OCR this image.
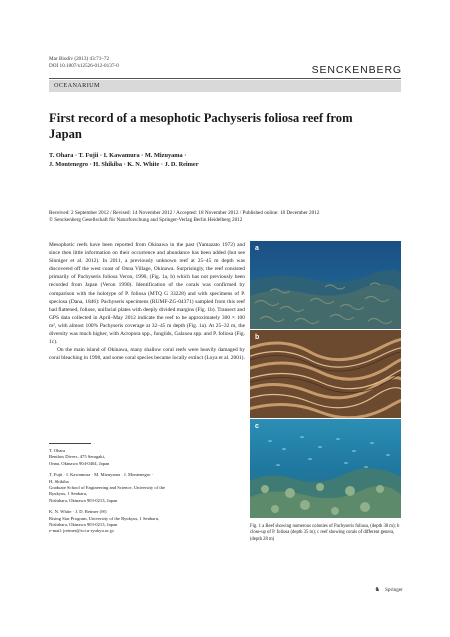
Mar Biodiv (2013) 43:71–72
DOI 10.1007/s12526-012-0137-0	SENCKENBERG
OCEANARIUM
First record of a mesophotic Pachyseris foliosa reef from Japan
T. Ohara · T. Fujii · I. Kawamura · M. Mizuyama ·
J. Montenegro · H. Shikiba · K. N. White · J. D. Reimer
Received: 2 September 2012 / Revised: 14 November 2012 / Accepted: 18 November 2012 / Published online: 18 December 2012
© Senckenberg Gesellschaft für Naturforschung and Springer-Verlag Berlin Heidelberg 2012

Mesophotic reefs have been reported from Okinawa in the past (Yamazato 1972) and since then little information on their occurrence and abundance has been added (but see Sinniger et al. 2012). In 2011, a previously unknown reef at 25–45 m depth was discovered off the west coast of Onna Village, Okinawa. Surprisingly, the reef consisted primarily of Pachyseris foliosa Veron, 1990, (Fig. 1a, b) which has not previously been recorded from Japan (Veron 1990). Identification of the corals was confirmed by comparison with the holotype of P. foliosa (MTQ G 33228) and with specimens of P. speciosa (Dana, 1846): Pachyseris specimens (RUMF-ZG-04371) sampled from this reef had flattened, foliose, unifacial plates with deeply divided margins (Fig. 1b). Transect and GPS data collected in April–May 2012 indicate the reef to be approximately 300 × 100 m², with almost 100% Pachyseris coverage at 32–45 m depth (Fig. 1a). At 25–32 m, the diversity was much higher, with Acropora spp., fungiids, Galaxea spp. and P. foliosa (Fig. 1c).

On the main island of Okinawa, many shallow coral reefs were heavily damaged by coral bleaching in 1998, and some coral species became locally extinct (Loya et al. 2001).

T. Ohara
Benthos Divers, 475 Seragaki,
Onna, Okinawa 904-0404, Japan
T. Fujii · I. Kawamura · M. Mizuyama · J. Montenegro ·
H. Shikiba
Graduate School of Engineering and Science, University of the
Ryukyus, 1 Senbaru,
Nishihara, Okinawa 903-0213, Japan
K. N. White · J. D. Reimer (✉)
Rising Star Program, University of the Ryukyus, 1 Senbaru,
Nishihara, Okinawa 903-0213, Japan
e-mail: jreimer@sci.u-ryukyu.ac.jp
a
b
c
Fig. 1 a Reef showing numerous colonies of Pachyseris foliosa, (depth 38 m); b close-up of P. foliosa (depth 35 m); c reef showing corals of different genera, (depth 28 m)
♞ Springer
